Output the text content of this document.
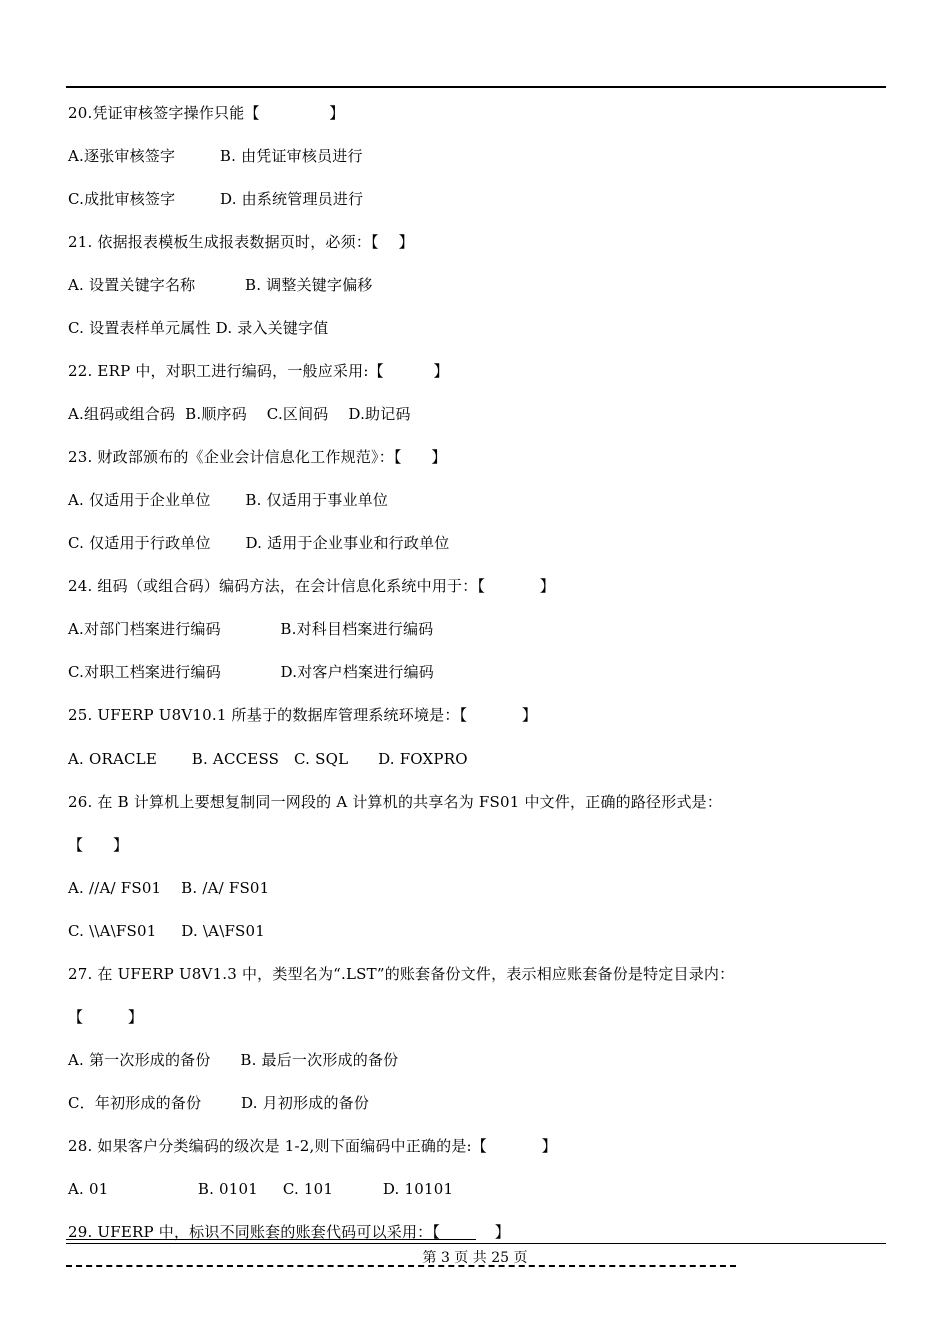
20.凭证审核签字操作只能【              】
A.逐张审核签字         B. 由凭证审核员进行
C.成批审核签字         D. 由系统管理员进行
21. 依据报表模板生成报表数据页时，必须：【    】
A. 设置关键字名称          B. 调整关键字偏移
C. 设置表样单元属性 D. 录入关键字值
22. ERP 中，对职工进行编码，一般应采用:【          】
A.组码或组合码  B.顺序码    C.区间码    D.助记码
23. 财政部颁布的《企业会计信息化工作规范》：【      】
A. 仅适用于企业单位       B. 仅适用于事业单位
C. 仅适用于行政单位       D. 适用于企业事业和行政单位
24. 组码（或组合码）编码方法，在会计信息化系统中用于：【           】
A.对部门档案进行编码            B.对科目档案进行编码
C.对职工档案进行编码            D.对客户档案进行编码
25. UFERP U8V10.1 所基于的数据库管理系统环境是：【           】
A. ORACLE       B. ACCESS   C. SQL      D. FOXPRO
26. 在 B 计算机上要想复制同一网段的 A 计算机的共享名为 FS01 中文件，正确的路径形式是：
【      】
A. //A/ FS01    B. /A/ FS01
C. \\A\FS01     D. \A\FS01
27. 在 UFERP U8V1.3 中，类型名为“.LST”的账套备份文件，表示相应账套备份是特定目录内：
【         】
A. 第一次形成的备份      B. 最后一次形成的备份
C．年初形成的备份        D. 月初形成的备份
28. 如果客户分类编码的级次是 1-2,则下面编码中正确的是:【           】
A. 01                  B. 0101     C. 101          D. 10101
29. UFERP 中，标识不同账套的账套代码可以采用：【           】
第 3 页 共 25 页
